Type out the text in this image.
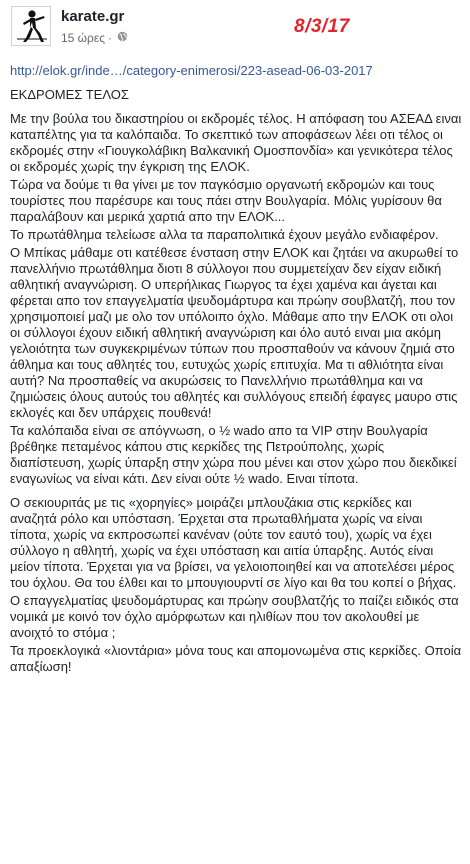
karate.gr
15 ώρες ·
8/3/17
http://elok.gr/inde…/category-enimerosi/223-asead-06-03-2017
ΕΚΔΡΟΜΕΣ ΤΕΛΟΣ
Με την βούλα του δικαστηρίου οι εκδρομές τέλος. Η απόφαση του ΑΣΕΑΔ ειναι καταπέλτης για τα καλόπαιδα. Το σκεπτικό των αποφάσεων λέει οτι τέλος οι εκδρομές στην «Γιουγκολάβικη Βαλκανική Ομοσπονδία» και γενικότερα τέλος οι εκδρομές χωρίς την έγκριση της ΕΛΟΚ.
Τώρα να δούμε τι θα γίνει με τον παγκόσμιο οργανωτή εκδρομών και τους τουρίστες που παρέσυρε και τους πάει στην Βουλγαρία. Μόλις γυρίσουν θα παραλάβουν και μερικά χαρτιά απο την ΕΛΟΚ...
Το πρωτάθλημα τελείωσε αλλα τα παραπολιτικά έχουν μεγάλο ενδιαφέρον.
Ο Μπίκας μάθαμε οτι κατέθεσε ένσταση στην ΕΛΟΚ και ζητάει να ακυρωθεί το πανελλήνιο πρωτάθλημα διοτι 8 σύλλογοι που συμμετείχαν δεν είχαν ειδική αθλητική αναγνώριση. Ο υπερήλικας Γιωργος τα έχει χαμένα και άγεται και φέρεται απο τον επαγγελματία ψευδομάρτυρα και πρώην σουβλατζή, που τον χρησιμοποιεί μαζι με ολο τον υπόλοιπο όχλο. Μάθαμε απο την ΕΛΟΚ οτι ολοι οι σύλλογοι έχουν ειδική αθλητική αναγνώριση και όλο αυτό ειναι μια ακόμη γελοιότητα των συγκεκριμένων τύπων που προσπαθούν να κάνουν ζημιά στο άθλημα και τους αθλητές του, ευτυχώς χωρίς επιτυχία. Μα τι αθλιότητα είναι αυτή? Να προσπαθείς να ακυρώσεις το Πανελλήνιο πρωτάθλημα και να ζημιώσεις όλους αυτούς του αθλητές και συλλόγους επειδή έφαγες μαυρο στις εκλογές και δεν υπάρχεις πουθενά!
Τα καλόπαιδα είναι σε απόγνωση, ο ½ wado απο τα VIP στην Βουλγαρία βρέθηκε πεταμένος κάπου στις κερκίδες της Πετρούπολης, χωρίς διαπίστευση, χωρίς ύπαρξη στην χώρα που μένει και στον χώρο που διεκδικεί εναγωνίως να είναι κάτι. Δεν είναι ούτε ½ wado. Ειναι τίποτα.
Ο σεκιουριτάς με τις «χορηγίες» μοιράζει μπλουζάκια στις κερκίδες και αναζητά ρόλο και υπόσταση. Έρχεται στα πρωταθλήματα χωρίς να είναι τίποτα, χωρίς να εκπροσωπεί κανέναν (ούτε τον εαυτό του), χωρίς να έχει σύλλογο η αθλητή, χωρίς να έχει υπόσταση και αιτία ύπαρξης. Αυτός είναι μείον τίποτα. Έρχεται για να βρίσει, να γελοιοποιηθεί και να αποτελέσει μέρος του όχλου. Θα του έλθει και το μπουγιουρντί σε λίγο και θα του κοπεί ο βήχας.
Ο επαγγελματίας ψευδομάρτυρας και πρώην σουβλατζής το παίζει ειδικός στα νομικά με κοινό τον όχλο αμόρφωτων και ηλιθίων που τον ακολουθεί με ανοιχτό το στόμα ;
Τα προεκλογικά «λιοντάρια» μόνα τους και απομονωμένα στις κερκίδες. Οποία απαξίωση!
